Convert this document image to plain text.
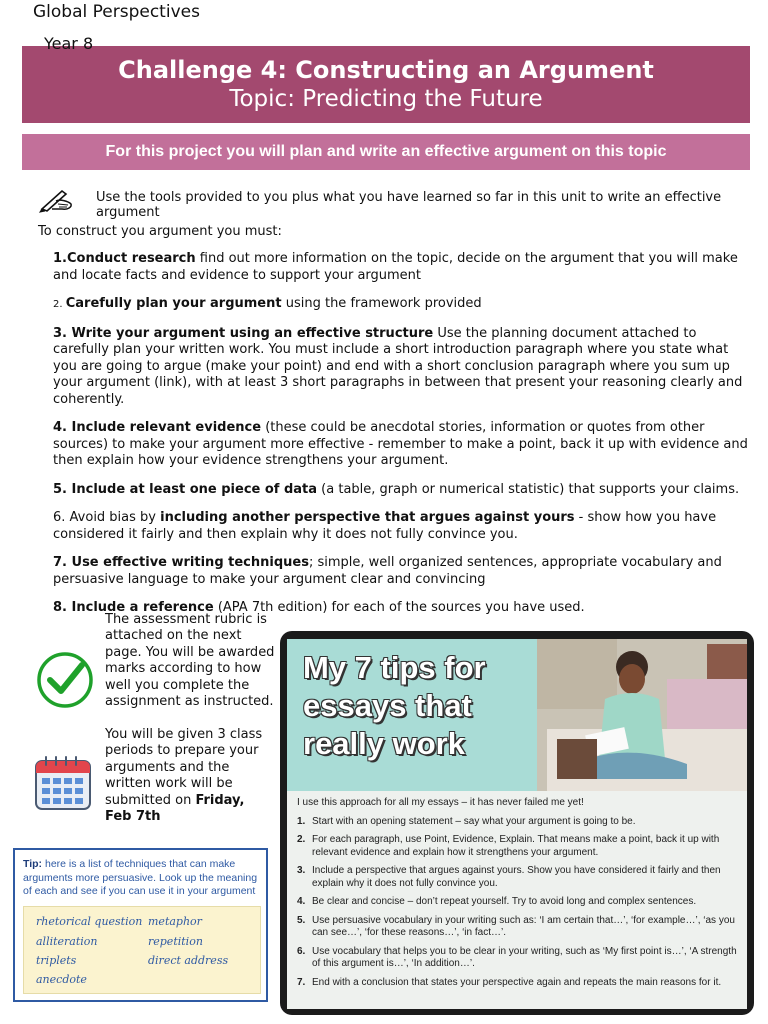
Global Perspectives
Year 8
Challenge 4: Constructing an Argument
Topic: Predicting the Future
For this project you will plan and write an effective argument on this topic
Use the tools provided to you plus what you have learned so far in this unit to write an effective argument
To construct you argument you must:

1.Conduct research find out more information on the topic, decide on the argument that you will make and locate facts and evidence to support your argument

2. Carefully plan your argument using the framework provided

3. Write your argument using an effective structure Use the planning document attached to carefully plan your written work. You must include a short introduction paragraph where you state what you are going to argue (make your point) and end with a short conclusion paragraph where you sum up your argument (link), with at least 3 short paragraphs in between that present your reasoning clearly and coherently.

4. Include relevant evidence (these could be anecdotal stories, information or quotes from other sources) to make your argument more effective - remember to make a point, back it up with evidence and then explain how your evidence strengthens your argument.

5. Include at least one piece of data (a table, graph or numerical statistic) that supports your claims.

6. Avoid bias by including another perspective that argues against yours - show how you have considered it fairly and then explain why it does not fully convince you.

7. Use effective writing techniques; simple, well organized sentences, appropriate vocabulary and persuasive language to make your argument clear and convincing

8. Include a reference (APA 7th edition) for each of the sources you have used.

The assessment rubric is attached on the next page. You will be awarded marks according to how well you complete the assignment as instructed.
You will be given 3 class periods to prepare your arguments and the written work will be submitted on Friday, Feb 7th
Tip: here is a list of techniques that can make arguments more persuasive. Look up the meaning of each and see if you can use it in your argument
rhetorical question metaphor
alliteration	repetition
triplets	direct address
anecdote
My 7 tips for essays that really work
I use this approach for all my essays – it has never failed me yet!
1. Start with an opening statement – say what your argument is going to be.
2. For each paragraph, use Point, Evidence, Explain. That means make a point, back it up with relevant evidence and explain how it strengthens your argument.
3. Include a perspective that argues against yours. Show you have considered it fairly and then explain why it does not fully convince you.
4. Be clear and concise – don’t repeat yourself. Try to avoid long and complex sentences.
5. Use persuasive vocabulary in your writing such as: ‘I am certain that…’, ‘for example…’, ‘as you can see…’, ‘for these reasons…’, ‘in fact…’.
6. Use vocabulary that helps you to be clear in your writing, such as ‘My first point is…’, ‘A strength of this argument is…’, ‘In addition…’.
7. End with a conclusion that states your perspective again and repeats the main reasons for it.
